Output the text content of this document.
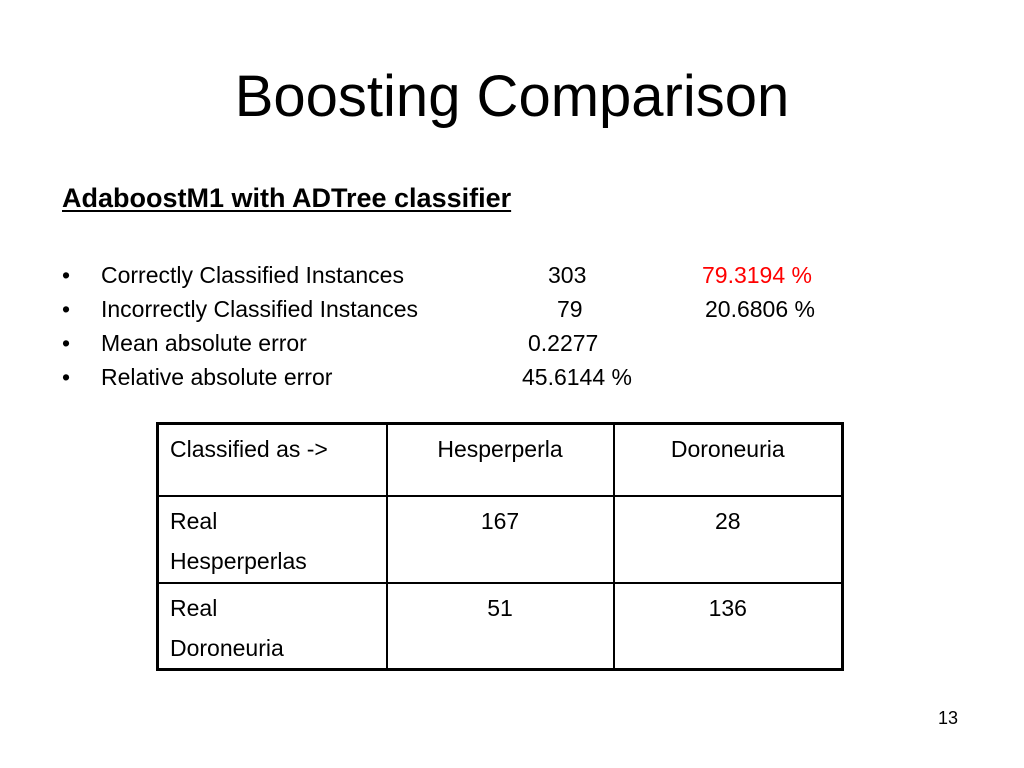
Boosting Comparison
AdaboostM1 with ADTree classifier
• Correctly Classified Instances	303	79.3194 %
• Incorrectly Classified Instances	79	20.6806 %
• Mean absolute error	0.2277
• Relative absolute error	45.6144 %
Classified as ->	Hesperperla	Doroneuria

Real
Hesperperlas	167	28

Real
Doroneuria	51	136
13
